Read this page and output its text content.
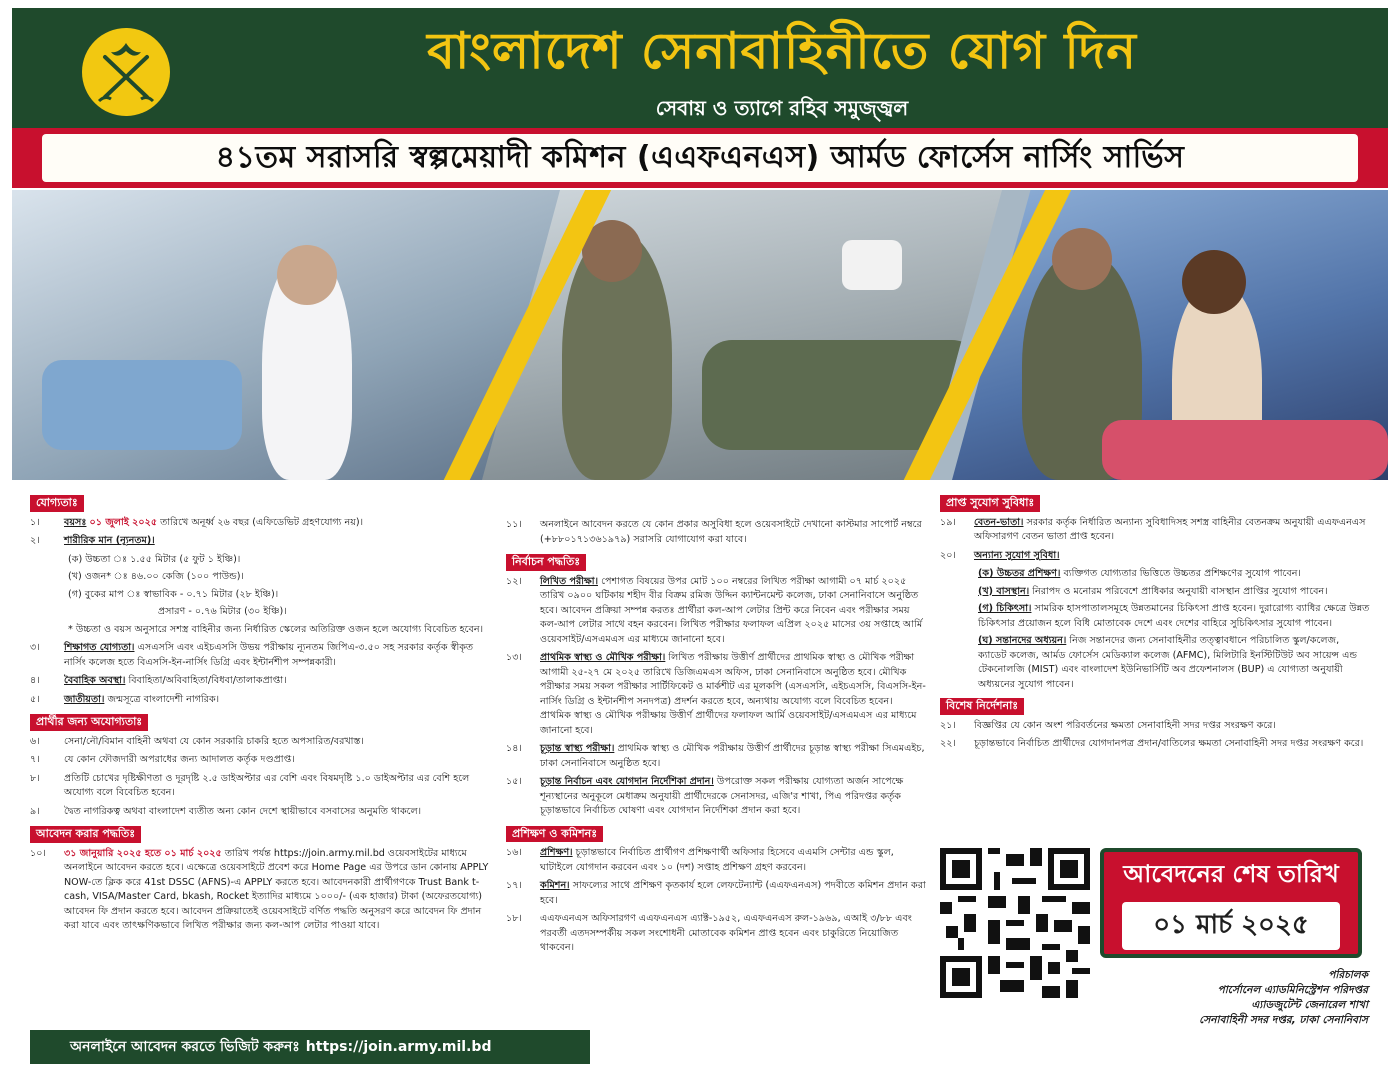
বাংলাদেশ সেনাবাহিনীতে যোগ দিন
সেবায় ও ত্যাগে রহিব সমুজ্জ্বল
৪১তম সরাসরি স্বল্পমেয়াদী কমিশন (এএফএনএস) আর্মড ফোর্সেস নার্সিং সার্ভিস
যোগ্যতাঃ
১।	বয়সঃ ০১ জুলাই ২০২৫ তারিখে অনূর্ধ্ব ২৬ বছর (এফিডেভিট গ্রহণযোগ্য নয়)।
২।	শারীরিক মান (ন্যূনতম)।
(ক) উচ্চতা ঃ ১.৫৫ মিটার (৫ ফুট ১ ইঞ্চি)।
(খ) ওজন* ঃ ৪৬.০০ কেজি (১০০ পাউন্ড)।
(গ) বুকের মাপ ঃ স্বাভাবিক - ০.৭১ মিটার (২৮ ইঞ্চি)।
প্রসারণ - ০.৭৬ মিটার (৩০ ইঞ্চি)।
* উচ্চতা ও বয়স অনুসারে সশস্ত্র বাহিনীর জন্য নির্ধারিত স্কেলের অতিরিক্ত ওজন হলে অযোগ্য বিবেচিত হবেন।
৩।	শিক্ষাগত যোগ্যতা। এসএসসি এবং এইচএসসি উভয় পরীক্ষায় ন্যূনতম জিপিএ-৩.৫০ সহ সরকার কর্তৃক স্বীকৃত নার্সিং কলেজ হতে বিএসসি-ইন-নার্সিং ডিগ্রি এবং ইন্টার্নশীপ সম্পন্নকারী।
৪।	বৈবাহিক অবস্থা। বিবাহিতা/অবিবাহিতা/বিধবা/তালাকপ্রাপ্তা।
৫।	জাতীয়তা। জন্মসূত্রে বাংলাদেশী নাগরিক।
প্রার্থীর জন্য অযোগ্যতাঃ
৬।	সেনা/নৌ/বিমান বাহিনী অথবা যে কোন সরকারি চাকরি হতে অপসারিত/বরখাস্ত।
৭।	যে কোন ফৌজদারী অপরাধের জন্য আদালত কর্তৃক দণ্ডপ্রাপ্ত।
৮।	প্রতিটি চোখের দৃষ্টিক্ষীণতা ও দূরদৃষ্টি ২.৫ ডাইঅপ্টার এর বেশি এবং বিষমদৃষ্টি ১.০ ডাইঅপ্টার এর বেশি হলে অযোগ্য বলে বিবেচিত হবেন।
৯।	দ্বৈত নাগরিকত্ব অথবা বাংলাদেশ ব্যতীত অন্য কোন দেশে স্থায়ীভাবে বসবাসের অনুমতি থাকলে।
আবেদন করার পদ্ধতিঃ
১০।	৩১ জানুয়ারি ২০২৫ হতে ০১ মার্চ ২০২৫ তারিখ পর্যন্ত https://join.army.mil.bd ওয়েবসাইটের মাধ্যমে অনলাইনে আবেদন করতে হবে। এক্ষেত্রে ওয়েবসাইটে প্রবেশ করে Home Page এর উপরে ডান কোনায় APPLY NOW-তে ক্লিক করে 41st DSSC (AFNS)-এ APPLY করতে হবে। আবেদনকারী প্রার্থীগণকে Trust Bank t-cash, VISA/Master Card, bkash, Rocket ইত্যাদির মাধ্যমে ১০০০/- (এক হাজার) টাকা (অফেরতযোগ্য) আবেদন ফি প্রদান করতে হবে। আবেদন প্রক্রিয়াতেই ওয়েবসাইটে বর্ণিত পদ্ধতি অনুসরণ করে আবেদন ফি প্রদান করা যাবে এবং তাৎক্ষণিকভাবে লিখিত পরীক্ষার জন্য কল-আপ লেটার পাওয়া যাবে।
১১।	অনলাইনে আবেদন করতে যে কোন প্রকার অসুবিধা হলে ওয়েবসাইটে দেখানো কাস্টমার সাপোর্ট নম্বরে (+৮৮০১৭১৩৬১৯৭৯) সরাসরি যোগাযোগ করা যাবে।
নির্বাচন পদ্ধতিঃ
১২।	লিখিত পরীক্ষা। পেশাগত বিষয়ের উপর মোট ১০০ নম্বরের লিখিত পরীক্ষা আগামী ০৭ মার্চ ২০২৫ তারিখ ০৯০০ ঘটিকায় শহীদ বীর বিক্রম রমিজ উদ্দিন ক্যান্টনমেন্ট কলেজ, ঢাকা সেনানিবাসে অনুষ্ঠিত হবে। আবেদন প্রক্রিয়া সম্পন্ন করতঃ প্রার্থীরা কল-আপ লেটার প্রিন্ট করে নিবেন এবং পরীক্ষার সময় কল-আপ লেটার সাথে বহন করবেন। লিখিত পরীক্ষার ফলাফল এপ্রিল ২০২৫ মাসের ৩য় সপ্তাহে আর্মি ওয়েবসাইট/এসএমএস এর মাধ্যমে জানানো হবে।
১৩।	প্রাথমিক স্বাস্থ্য ও মৌখিক পরীক্ষা। লিখিত পরীক্ষায় উত্তীর্ণ প্রার্থীদের প্রাথমিক স্বাস্থ্য ও মৌখিক পরীক্ষা আগামী ২৫-২৭ মে ২০২৫ তারিখে ডিজিএমএস অফিস, ঢাকা সেনানিবাসে অনুষ্ঠিত হবে। মৌখিক পরীক্ষার সময় সকল পরীক্ষার সার্টিফিকেট ও মার্কশীট এর মূলকপি (এসএসসি, এইচএসসি, বিএসসি-ইন-নার্সিং ডিগ্রি ও ইন্টার্নশীপ সনদপত্র) প্রদর্শন করতে হবে, অন্যথায় অযোগ্য বলে বিবেচিত হবেন। প্রাথমিক স্বাস্থ্য ও মৌখিক পরীক্ষায় উত্তীর্ণ প্রার্থীদের ফলাফল আর্মি ওয়েবসাইট/এসএমএস এর মাধ্যমে জানানো হবে।
১৪।	চূড়ান্ত স্বাস্থ্য পরীক্ষা। প্রাথমিক স্বাস্থ্য ও মৌখিক পরীক্ষায় উত্তীর্ণ প্রার্থীদের চূড়ান্ত স্বাস্থ্য পরীক্ষা সিএমএইচ, ঢাকা সেনানিবাসে অনুষ্ঠিত হবে।
১৫।	চূড়ান্ত নির্বাচন এবং যোগদান নির্দেশিকা প্রদান। উপরোক্ত সকল পরীক্ষায় যোগ্যতা অর্জন সাপেক্ষে শূন্যস্থানের অনুকূলে মেধাক্রম অনুযায়ী প্রার্থীদেরকে সেনাসদর, এজি'র শাখা, পিএ পরিদপ্তর কর্তৃক চূড়ান্তভাবে নির্বাচিত ঘোষণা এবং যোগদান নির্দেশিকা প্রদান করা হবে।
প্রশিক্ষণ ও কমিশনঃ
১৬।	প্রশিক্ষণ। চূড়ান্তভাবে নির্বাচিত প্রার্থীগণ প্রশিক্ষণার্থী অফিসার হিসেবে এএমসি সেন্টার এন্ড স্কুল, ঘাটাইলে যোগদান করবেন এবং ১০ (দশ) সপ্তাহ প্রশিক্ষণ গ্রহণ করবেন।
১৭।	কমিশন। সাফল্যের সাথে প্রশিক্ষণ কৃতকার্য হলে লেফটেন্যান্ট (এএফএনএস) পদবীতে কমিশন প্রদান করা হবে।
১৮।	এএফএনএস অফিসারগণ এএফএনএস এ্যাক্ট-১৯৫২, এএফএনএস রুল-১৯৬৯, এআই ৩/৮৮ এবং পরবর্তী এতদসম্পর্কীয় সকল সংশোধনী মোতাবেক কমিশন প্রাপ্ত হবেন এবং চাকুরিতে নিয়োজিত থাকবেন।
প্রাপ্ত সুযোগ সুবিধাঃ
১৯।	বেতন-ভাতা। সরকার কর্তৃক নির্ধারিত অন্যান্য সুবিধাদিসহ সশস্ত্র বাহিনীর বেতনক্রম অনুযায়ী এএফএনএস অফিসারগণ বেতন ভাতা প্রাপ্ত হবেন।
২০।	অন্যান্য সুযোগ সুবিধা।
(ক) উচ্চতর প্রশিক্ষণ। ব্যক্তিগত যোগ্যতার ভিত্তিতে উচ্চতর প্রশিক্ষণের সুযোগ পাবেন।
(খ) বাসস্থান। নিরাপদ ও মনোরম পরিবেশে প্রাধিকার অনুযায়ী বাসস্থান প্রাপ্তির সুযোগ পাবেন।
(গ) চিকিৎসা। সামরিক হাসপাতালসমূহে উন্নতমানের চিকিৎসা প্রাপ্ত হবেন। দুরারোগ্য ব্যাধির ক্ষেত্রে উন্নত চিকিৎসার প্রয়োজন হলে বিধি মোতাবেক দেশে এবং দেশের বাহিরে সুচিকিৎসার সুযোগ পাবেন।
(ঘ) সন্তানদের অধ্যয়ন। নিজ সন্তানদের জন্য সেনাবাহিনীর তত্ত্বাবধানে পরিচালিত স্কুল/কলেজ, ক্যাডেট কলেজ, আর্মড ফোর্সেস মেডিক্যাল কলেজ (AFMC), মিলিটারি ইনস্টিটিউট অব সায়েন্স এন্ড টেকনোলজি (MIST) এবং বাংলাদেশ ইউনিভার্সিটি অব প্রফেশনালস (BUP) এ যোগ্যতা অনুযায়ী অধ্যয়নের সুযোগ পাবেন।
বিশেষ নির্দেশনাঃ
২১।	বিজ্ঞপ্তির যে কোন অংশ পরিবর্তনের ক্ষমতা সেনাবাহিনী সদর দপ্তর সংরক্ষণ করে।
২২।	চূড়ান্তভাবে নির্বাচিত প্রার্থীদের যোগদানপত্র প্রদান/বাতিলের ক্ষমতা সেনাবাহিনী সদর দপ্তর সংরক্ষণ করে।
আবেদনের শেষ তারিখ
০১ মার্চ ২০২৫
পরিচালক
পার্সোনেল এ্যাডমিনিস্ট্রেশন পরিদপ্তর
এ্যাডজুটেন্ট জেনারেল শাখা
সেনাবাহিনী সদর দপ্তর, ঢাকা সেনানিবাস
অনলাইনে আবেদন করতে ভিজিট করুনঃ https://join.army.mil.bd
